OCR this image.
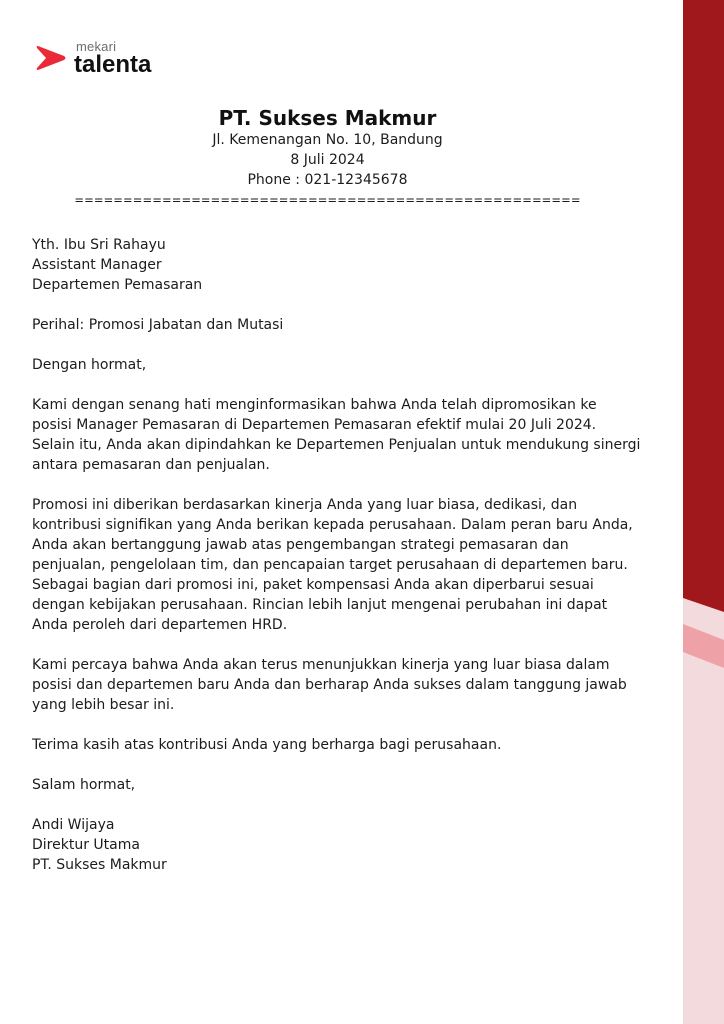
mekari
talenta
PT. Sukses Makmur
Jl. Kemenangan No. 10, Bandung
8 Juli 2024
Phone : 021-12345678
====================================================

Yth. Ibu Sri Rahayu
Assistant Manager
Departemen Pemasaran

Perihal: Promosi Jabatan dan Mutasi

Dengan hormat,

Kami dengan senang hati menginformasikan bahwa Anda telah dipromosikan ke
posisi Manager Pemasaran di Departemen Pemasaran efektif mulai 20 Juli 2024.
Selain itu, Anda akan dipindahkan ke Departemen Penjualan untuk mendukung sinergi
antara pemasaran dan penjualan.

Promosi ini diberikan berdasarkan kinerja Anda yang luar biasa, dedikasi, dan
kontribusi signifikan yang Anda berikan kepada perusahaan. Dalam peran baru Anda,
Anda akan bertanggung jawab atas pengembangan strategi pemasaran dan
penjualan, pengelolaan tim, dan pencapaian target perusahaan di departemen baru.
Sebagai bagian dari promosi ini, paket kompensasi Anda akan diperbarui sesuai
dengan kebijakan perusahaan. Rincian lebih lanjut mengenai perubahan ini dapat
Anda peroleh dari departemen HRD.

Kami percaya bahwa Anda akan terus menunjukkan kinerja yang luar biasa dalam
posisi dan departemen baru Anda dan berharap Anda sukses dalam tanggung jawab
yang lebih besar ini.

Terima kasih atas kontribusi Anda yang berharga bagi perusahaan.

Salam hormat,

Andi Wijaya
Direktur Utama
PT. Sukses Makmur
